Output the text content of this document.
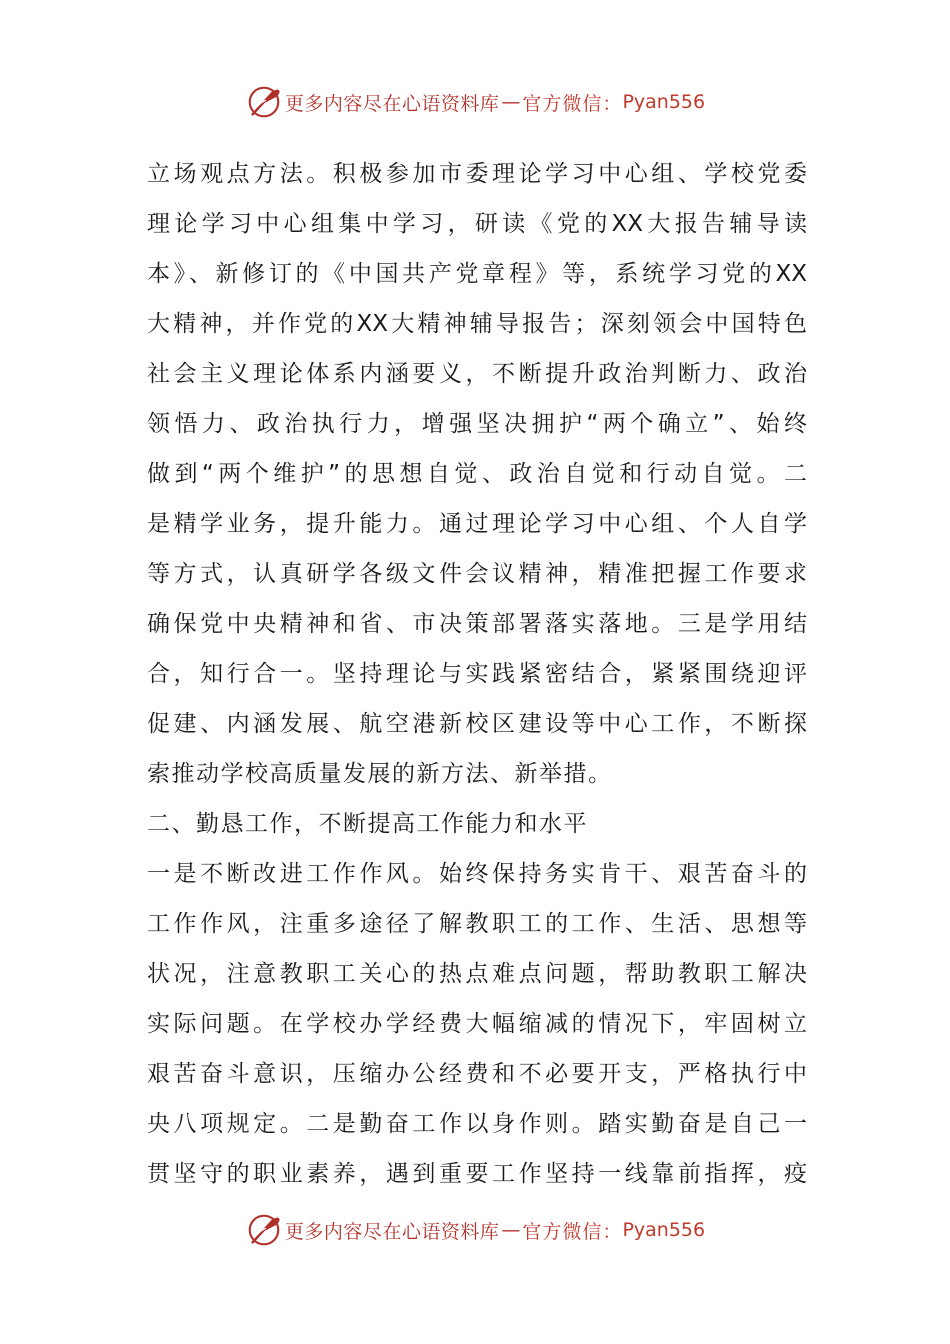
更多内容尽在心语资料库 — 官方微信： Pyan556
立场观点方法。积极参加市委理论学习中心组、学校党委
理论学习中心组集中学习，研读《党的XX大报告辅导读
本》、新修订的《中国共产党章程》等，系统学习党的XX
大精神，并作党的XX大精神辅导报告；深刻领会中国特色
社会主义理论体系内涵要义，不断提升政治判断力、政治
领悟力、政治执行力，增强坚决拥护“两个确立”、始终
做到“两个维护”的思想自觉、政治自觉和行动自觉。二
是精学业务，提升能力。通过理论学习中心组、个人自学
等方式，认真研学各级文件会议精神，精准把握工作要求
确保党中央精神和省、市决策部署落实落地。三是学用结
合，知行合一。坚持理论与实践紧密结合，紧紧围绕迎评
促建、内涵发展、航空港新校区建设等中心工作，不断探
索推动学校高质量发展的新方法、新举措。
二、勤恳工作，不断提高工作能力和水平
一是不断改进工作作风。始终保持务实肯干、艰苦奋斗的
工作作风，注重多途径了解教职工的工作、生活、思想等
状况，注意教职工关心的热点难点问题，帮助教职工解决
实际问题。在学校办学经费大幅缩减的情况下，牢固树立
艰苦奋斗意识，压缩办公经费和不必要开支，严格执行中
央八项规定。二是勤奋工作以身作则。踏实勤奋是自己一
贯坚守的职业素养，遇到重要工作坚持一线靠前指挥，疫
更多内容尽在心语资料库 — 官方微信： Pyan556
